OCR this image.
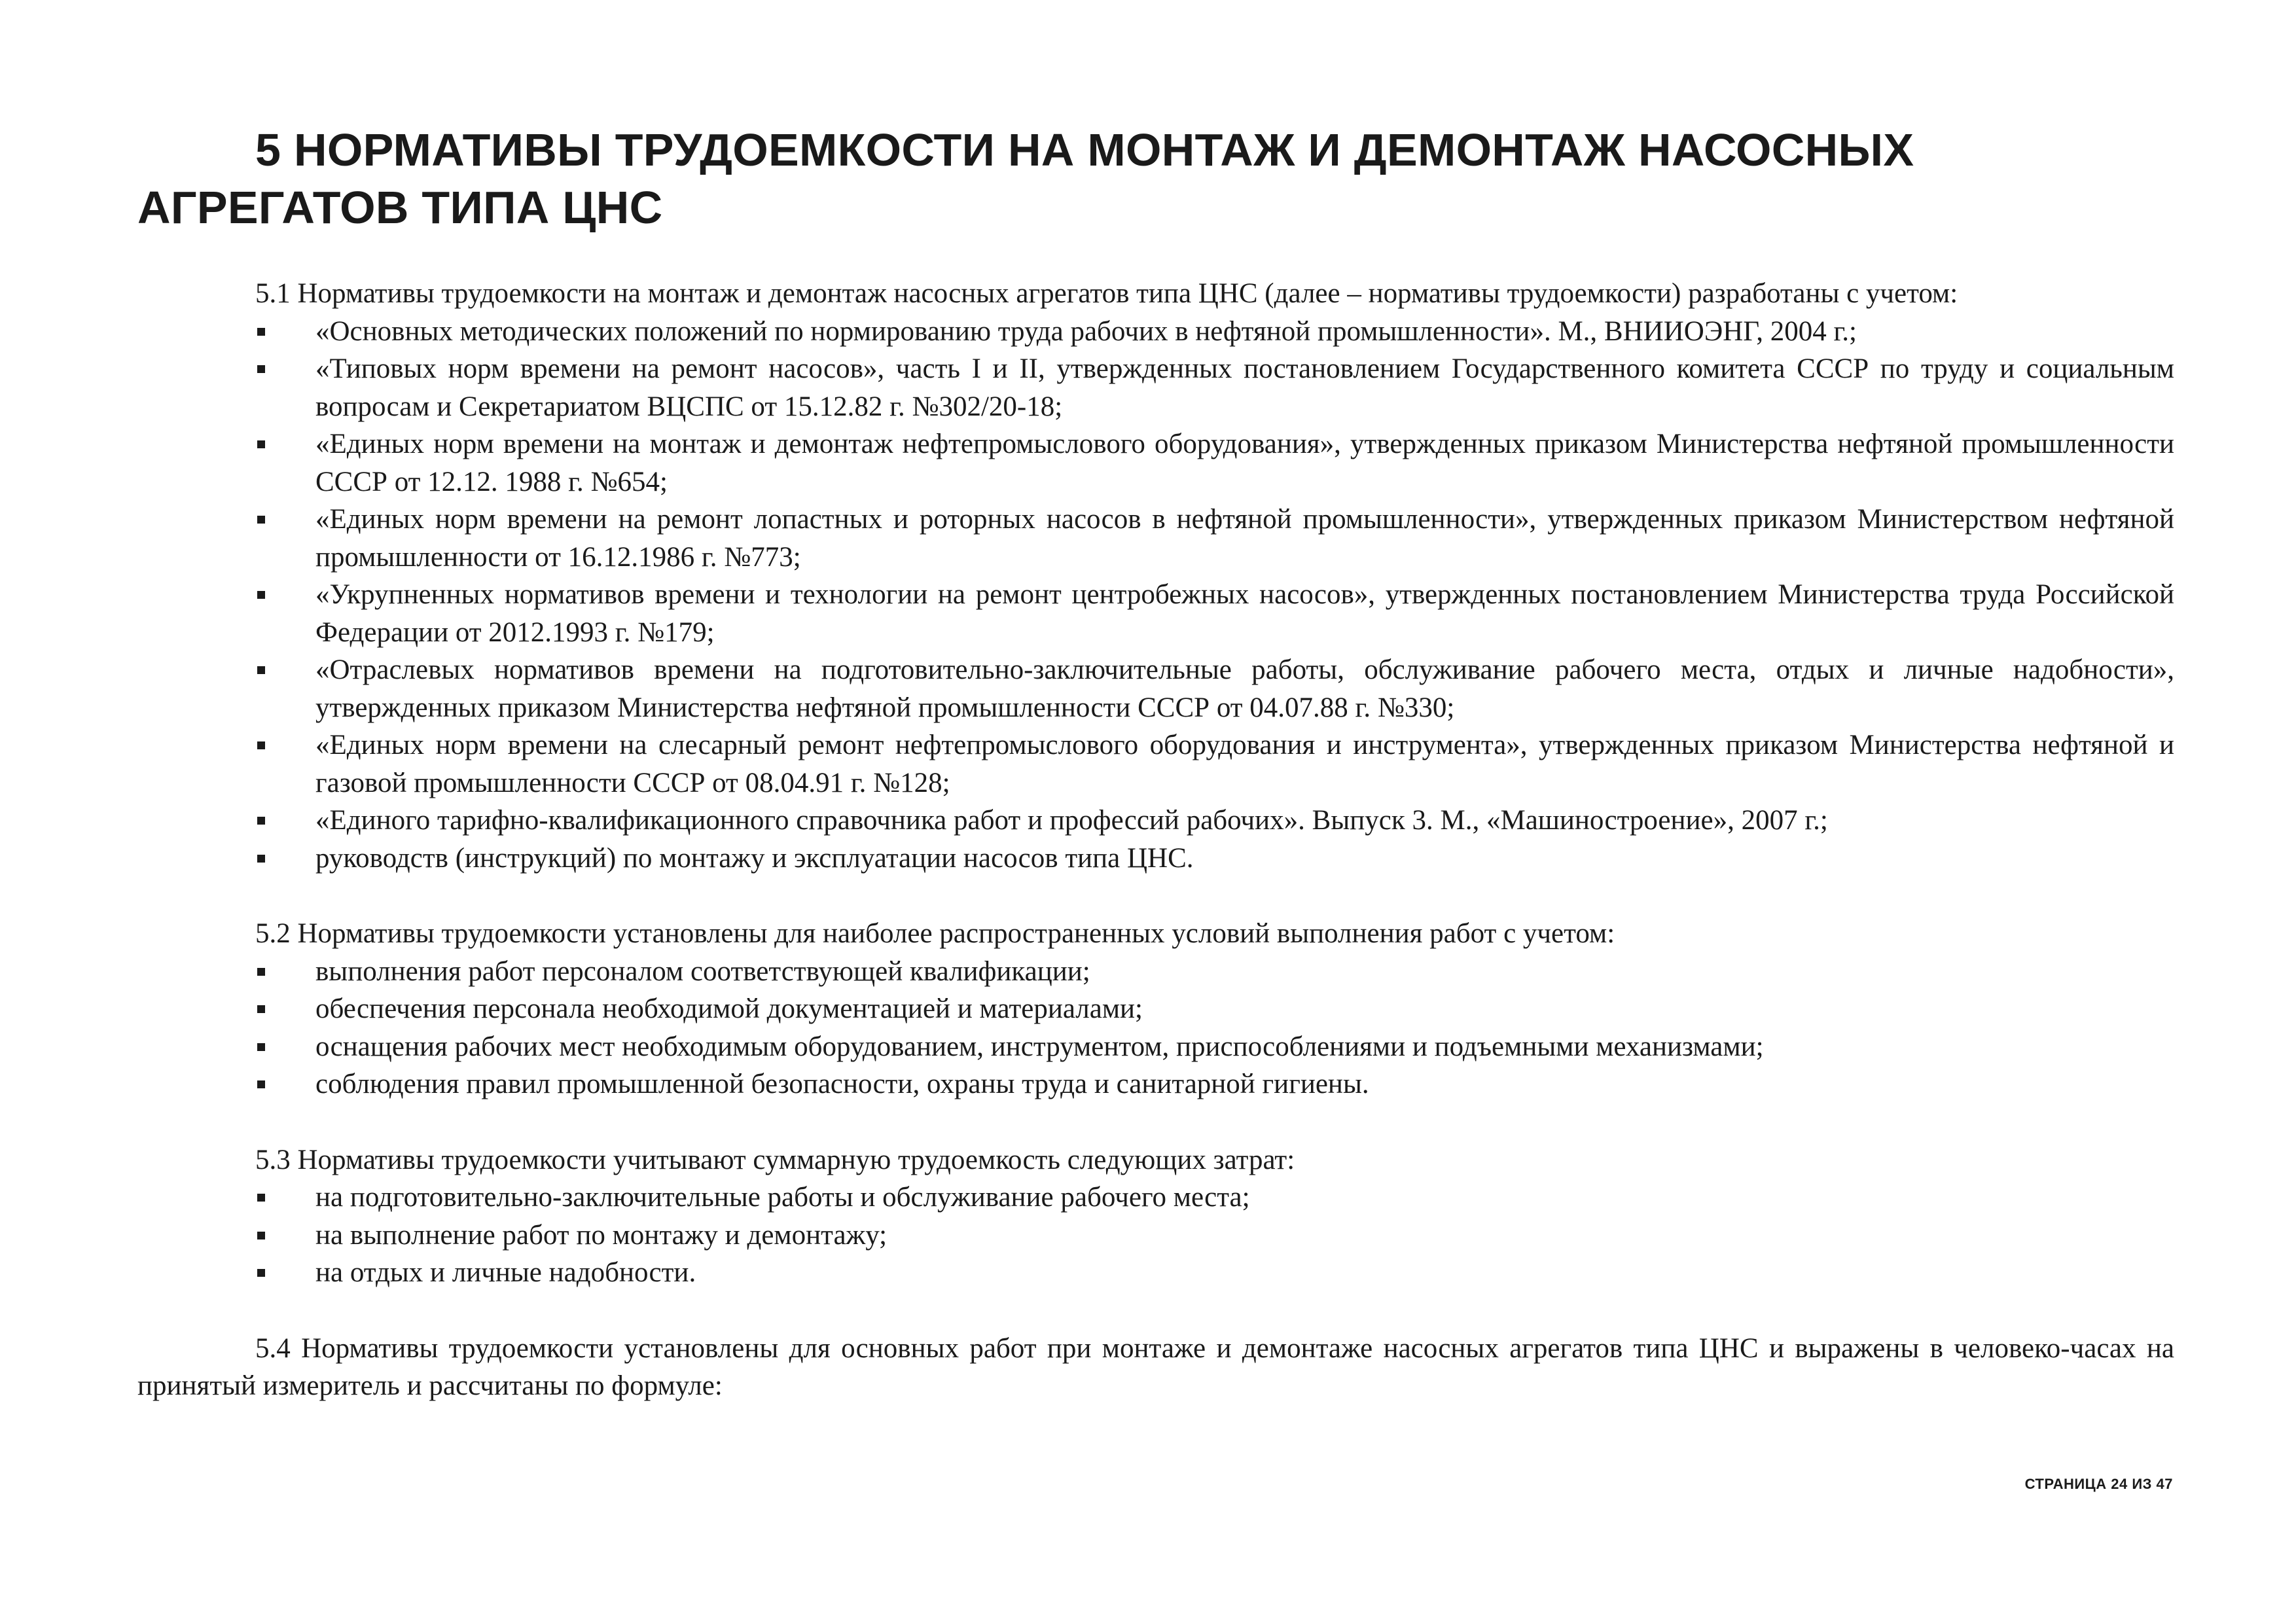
5 НОРМАТИВЫ ТРУДОЕМКОСТИ НА МОНТАЖ И ДЕМОНТАЖ НАСОСНЫХ АГРЕГАТОВ ТИПА ЦНС

5.1 Нормативы трудоемкости на монтаж и демонтаж насосных агрегатов типа ЦНС (далее – нормативы трудоемкости) разработаны с учетом:

«Основных методических положений по нормированию труда рабочих в нефтяной промышленности». М., ВНИИОЭНГ, 2004 г.;
«Типовых норм времени на ремонт насосов», часть I и II, утвержденных постановлением Государственного комитета СССР по труду и социальным вопросам и Секретариатом ВЦСПС от 15.12.82 г. №302/20-18;
«Единых норм времени на монтаж и демонтаж нефтепромыслового оборудования», утвержденных приказом Министерства нефтяной промышленности СССР от 12.12. 1988 г. №654;
«Единых норм времени на ремонт лопастных и роторных насосов в нефтяной промышленности», утвержденных приказом Министерством нефтяной промышленности от 16.12.1986 г. №773;
«Укрупненных нормативов времени и технологии на ремонт центробежных насосов», утвержденных постановлением Министерства труда Российской Федерации от 2012.1993 г. №179;
«Отраслевых нормативов времени на подготовительно-заключительные работы, обслуживание рабочего места, отдых и личные надобности», утвержденных приказом Министерства нефтяной промышленности СССР от 04.07.88 г. №330;
«Единых норм времени на слесарный ремонт нефтепромыслового оборудования и инструмента», утвержденных приказом Министерства нефтяной и газовой промышленности СССР от 08.04.91 г. №128;
«Единого тарифно-квалификационного справочника работ и профессий рабочих». Выпуск 3. М., «Машиностроение», 2007 г.;
руководств (инструкций) по монтажу и эксплуатации насосов типа ЦНС.

5.2 Нормативы трудоемкости установлены для наиболее распространенных условий выполнения работ с учетом:

выполнения работ персоналом соответствующей квалификации;
обеспечения персонала необходимой документацией и материалами;
оснащения рабочих мест необходимым оборудованием, инструментом, приспособлениями и подъемными механизмами;
соблюдения правил промышленной безопасности, охраны труда и санитарной гигиены.

5.3 Нормативы трудоемкости учитывают суммарную трудоемкость следующих затрат:

на подготовительно-заключительные работы и обслуживание рабочего места;
на выполнение работ по монтажу и демонтажу;
на отдых и личные надобности.

5.4 Нормативы трудоемкости установлены для основных работ при монтаже и демонтаже насосных агрегатов типа ЦНС и выражены в человеко-часах на принятый измеритель и рассчитаны по формуле:

СТРАНИЦА 24 ИЗ 47
